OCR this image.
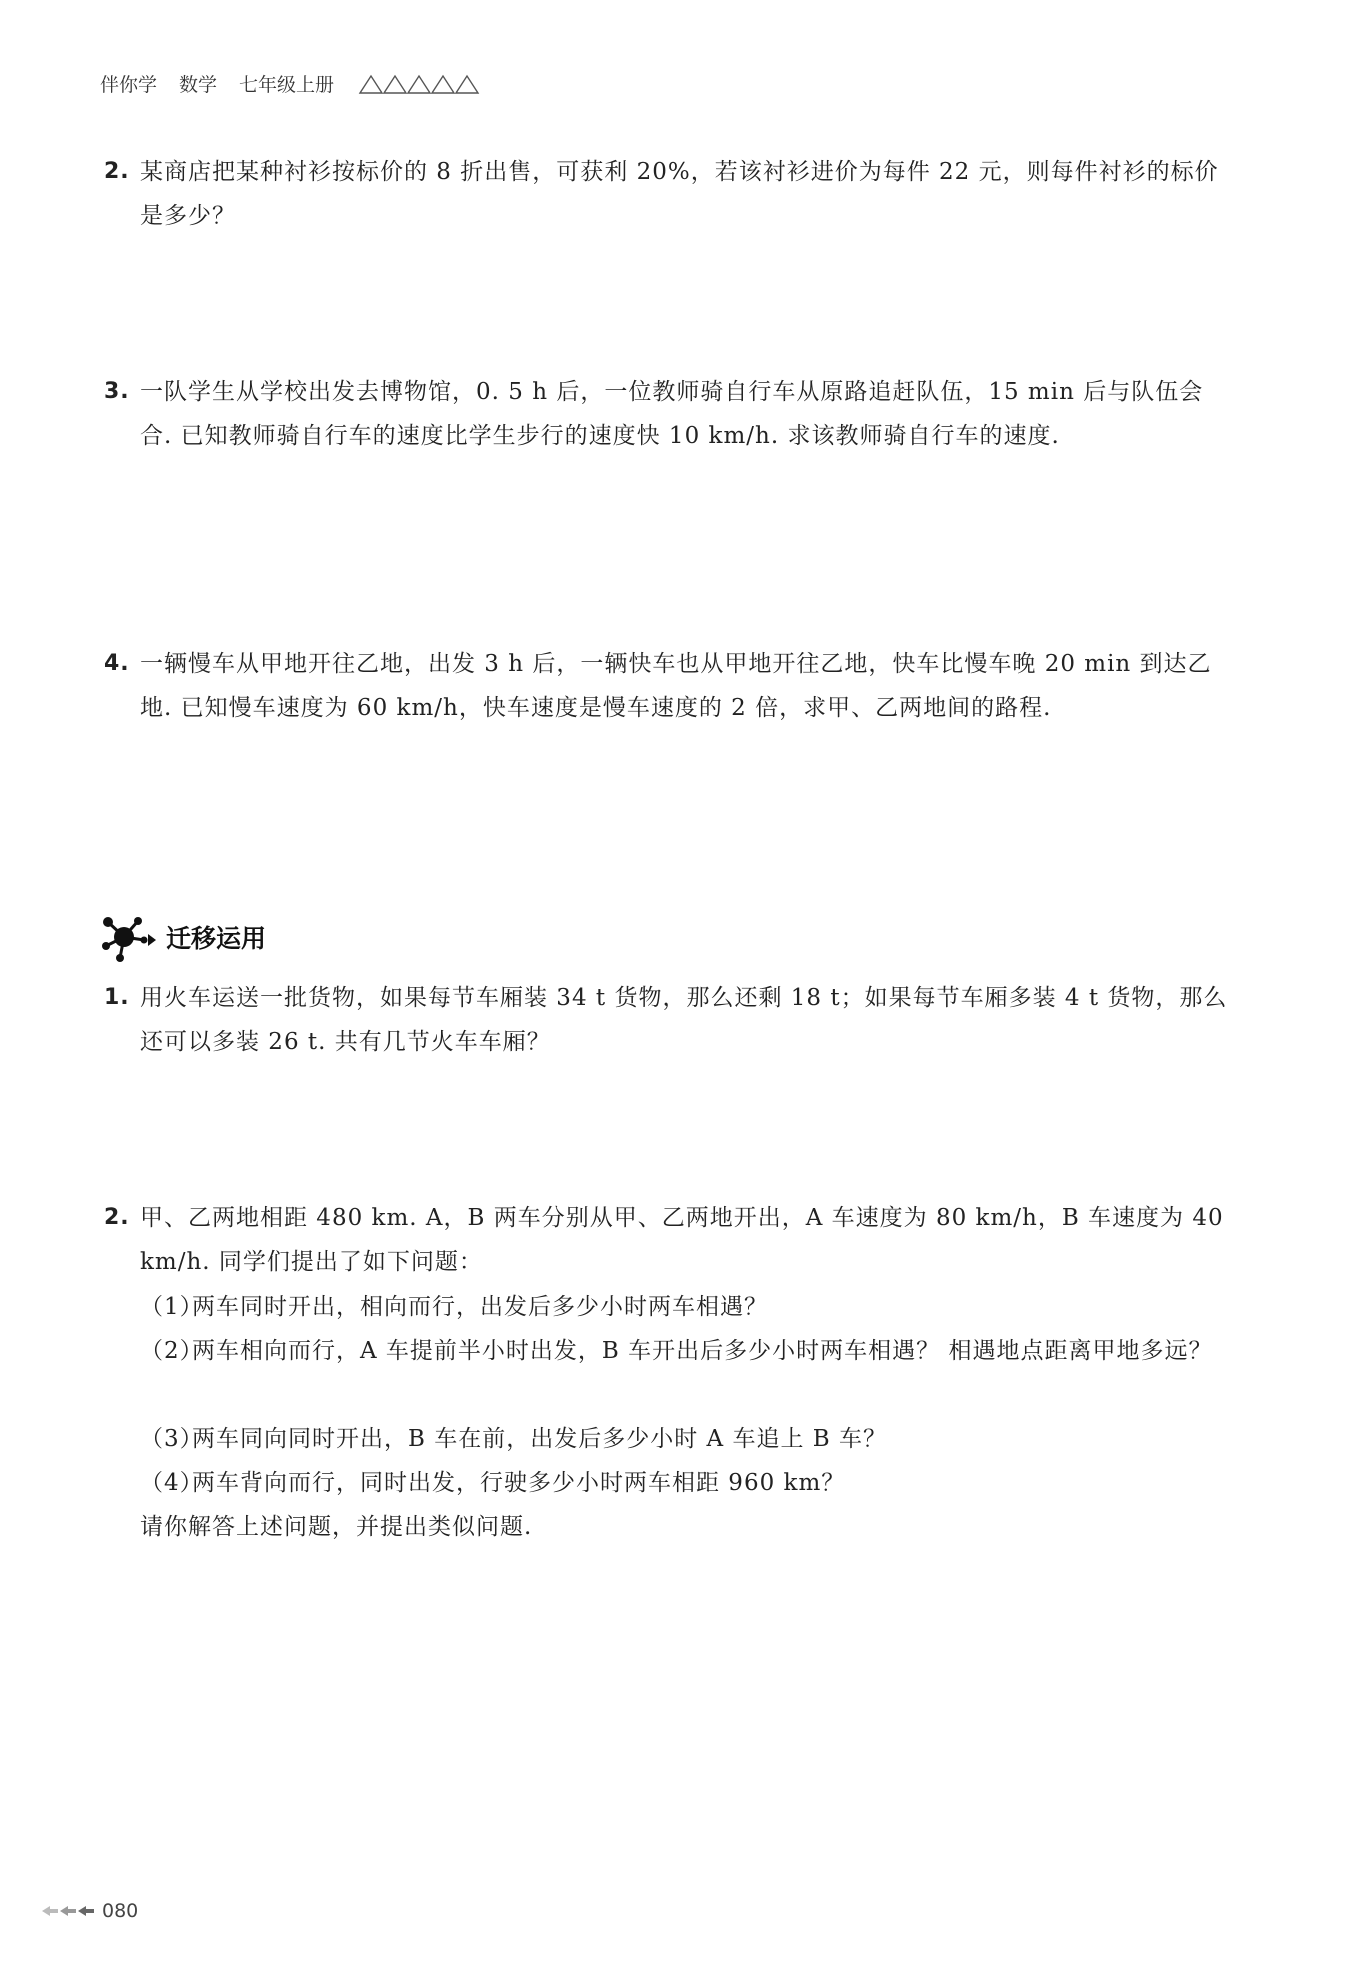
伴你学 数学 七年级上册
2. 某商店把某种衬衫按标价的 8 折出售，可获利 20%，若该衬衫进价为每件 22 元，则每件衬衫的标价是多少？
3. 一队学生从学校出发去博物馆，0. 5 h 后，一位教师骑自行车从原路追赶队伍，15 min 后与队伍会合. 已知教师骑自行车的速度比学生步行的速度快 10 km/h. 求该教师骑自行车的速度.
4. 一辆慢车从甲地开往乙地，出发 3 h 后，一辆快车也从甲地开往乙地，快车比慢车晚 20 min 到达乙地. 已知慢车速度为 60 km/h，快车速度是慢车速度的 2 倍，求甲、乙两地间的路程.
迁移运用
1. 用火车运送一批货物，如果每节车厢装 34 t 货物，那么还剩 18 t；如果每节车厢多装 4 t 货物，那么还可以多装 26 t. 共有几节火车车厢？
2. 甲、乙两地相距 480 km. A，B 两车分别从甲、乙两地开出，A 车速度为 80 km/h，B 车速度为 40 km/h. 同学们提出了如下问题：
（1）两车同时开出，相向而行，出发后多少小时两车相遇？
（2）
两车相向而行，A 车提前半小时出发，B 车开出后多少小时两车相遇？ 相遇地点距离甲地多远？
（3）两车同向同时开出，B 车在前，出发后多少小时 A 车追上 B 车？
（4）两车背向而行，同时出发，行驶多少小时两车相距 960 km？
请你解答上述问题，并提出类似问题.
080
